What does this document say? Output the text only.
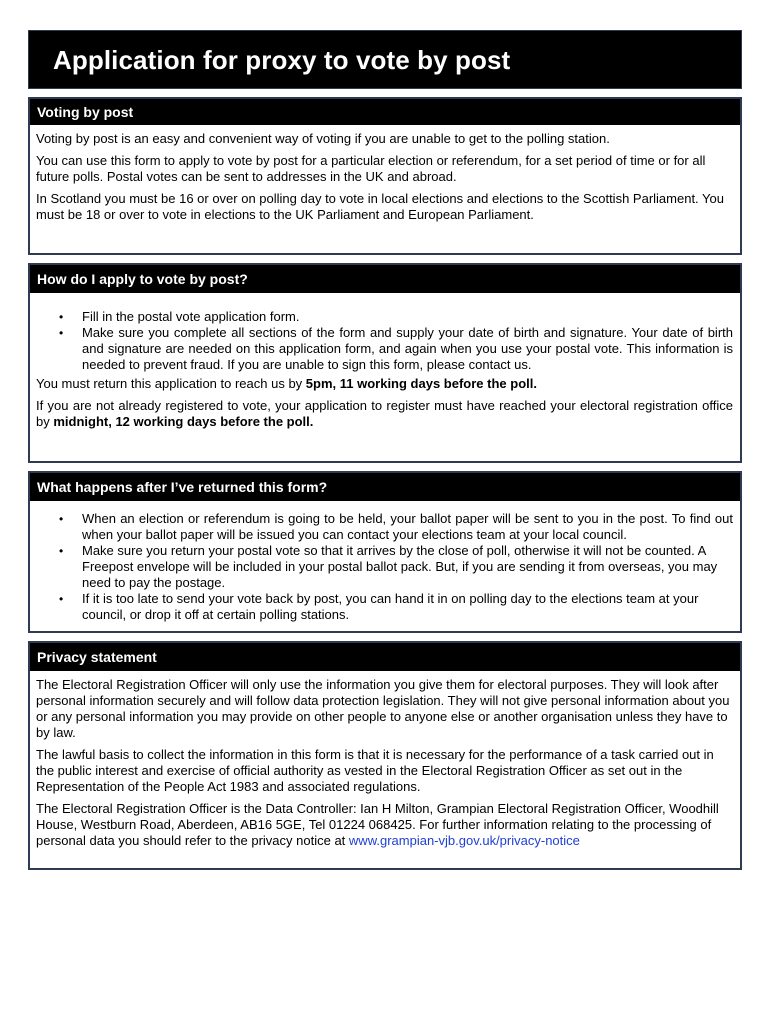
Application for proxy to vote by post
Voting by post

Voting by post is an easy and convenient way of voting if you are unable to get to the polling station.

You can use this form to apply to vote by post for a particular election or referendum, for a set period of time or for all future polls. Postal votes can be sent to addresses in the UK and abroad.

In Scotland you must be 16 or over on polling day to vote in local elections and elections to the Scottish Parliament. You must be 18 or over to vote in elections to the UK Parliament and European Parliament.

How do I apply to vote by post?
• Fill in the postal vote application form.
• Make sure you complete all sections of the form and supply your date of birth and signature. Your date of birth and signature are needed on this application form, and again when you use your postal vote. This information is needed to prevent fraud. If you are unable to sign this form, please contact us.

You must return this application to reach us by 5pm, 11 working days before the poll.

If you are not already registered to vote, your application to register must have reached your electoral registration office by midnight, 12 working days before the poll.

What happens after I’ve returned this form?
• When an election or referendum is going to be held, your ballot paper will be sent to you in the post. To find out when your ballot paper will be issued you can contact your elections team at your local council.
• Make sure you return your postal vote so that it arrives by the close of poll, otherwise it will not be counted. A Freepost envelope will be included in your postal ballot pack. But, if you are sending it from overseas, you may need to pay the postage.
• If it is too late to send your vote back by post, you can hand it in on polling day to the elections team at your council, or drop it off at certain polling stations.
Privacy statement

The Electoral Registration Officer will only use the information you give them for electoral purposes. They will look after personal information securely and will follow data protection legislation. They will not give personal information about you or any personal information you may provide on other people to anyone else or another organisation unless they have to by law.

The lawful basis to collect the information in this form is that it is necessary for the performance of a task carried out in the public interest and exercise of official authority as vested in the Electoral Registration Officer as set out in the Representation of the People Act 1983 and associated regulations.

The Electoral Registration Officer is the Data Controller: Ian H Milton, Grampian Electoral Registration Officer, Woodhill House, Westburn Road, Aberdeen, AB16 5GE, Tel 01224 068425. For further information relating to the processing of personal data you should refer to the privacy notice at www.grampian-vjb.gov.uk/privacy-notice
